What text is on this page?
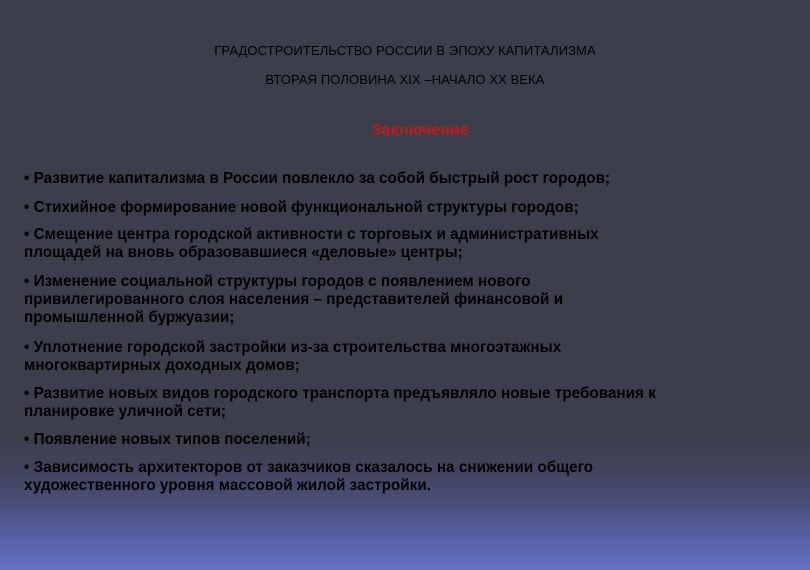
ГРАДОСТРОИТЕЛЬСТВО РОССИИ В ЭПОХУ КАПИТАЛИЗМА
ВТОРАЯ ПОЛОВИНА XIX –НАЧАЛО XX ВЕКА
Заключение
• Развитие капитализма в России повлекло за собой быстрый рост городов;
• Стихийное формирование новой функциональной структуры городов;
• Смещение центра городской активности с торговых и административных
площадей на вновь образовавшиеся «деловые» центры;
• Изменение социальной структуры городов с появлением нового
привилегированного слоя населения – представителей финансовой и
промышленной буржуазии;
• Уплотнение городской застройки из-за строительства многоэтажных
многоквартирных доходных домов;
• Развитие новых видов городского транспорта предъявляло новые требования к
планировке уличной сети;
• Появление новых типов поселений;
• Зависимость архитекторов от заказчиков сказалось на снижении общего
художественного уровня массовой жилой застройки.
